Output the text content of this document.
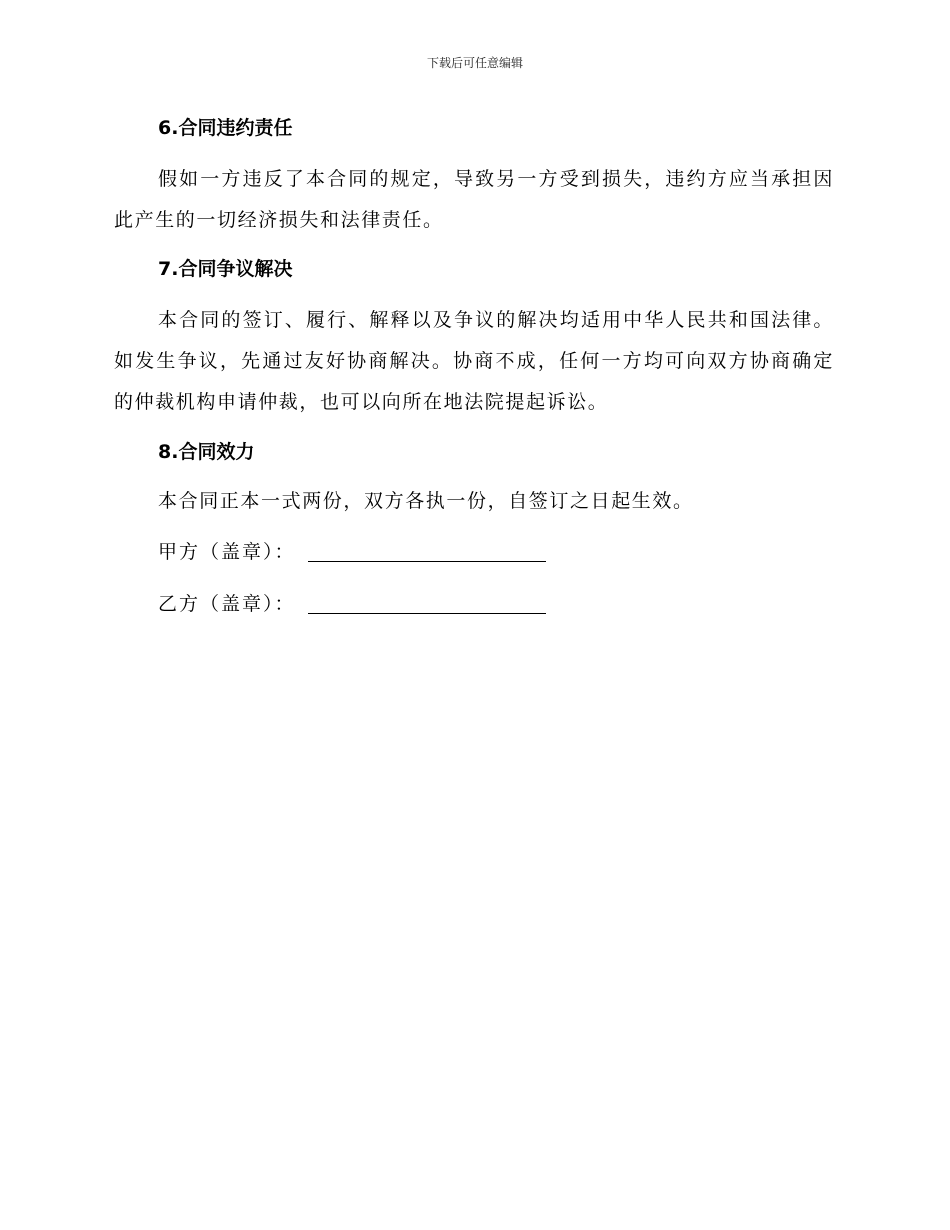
下载后可任意编辑
6.合同违约责任

假如一方违反了本合同的规定，导致另一方受到损失，违约方应当承担因此产生的一切经济损失和法律责任。

7.合同争议解决

本合同的签订、履行、解释以及争议的解决均适用中华人民共和国法律。如发生争议，先通过友好协商解决。协商不成，任何一方均可向双方协商确定的仲裁机构申请仲裁，也可以向所在地法院提起诉讼。

8.合同效力

本合同正本一式两份，双方各执一份，自签订之日起生效。

甲方（盖章）：
乙方（盖章）：
